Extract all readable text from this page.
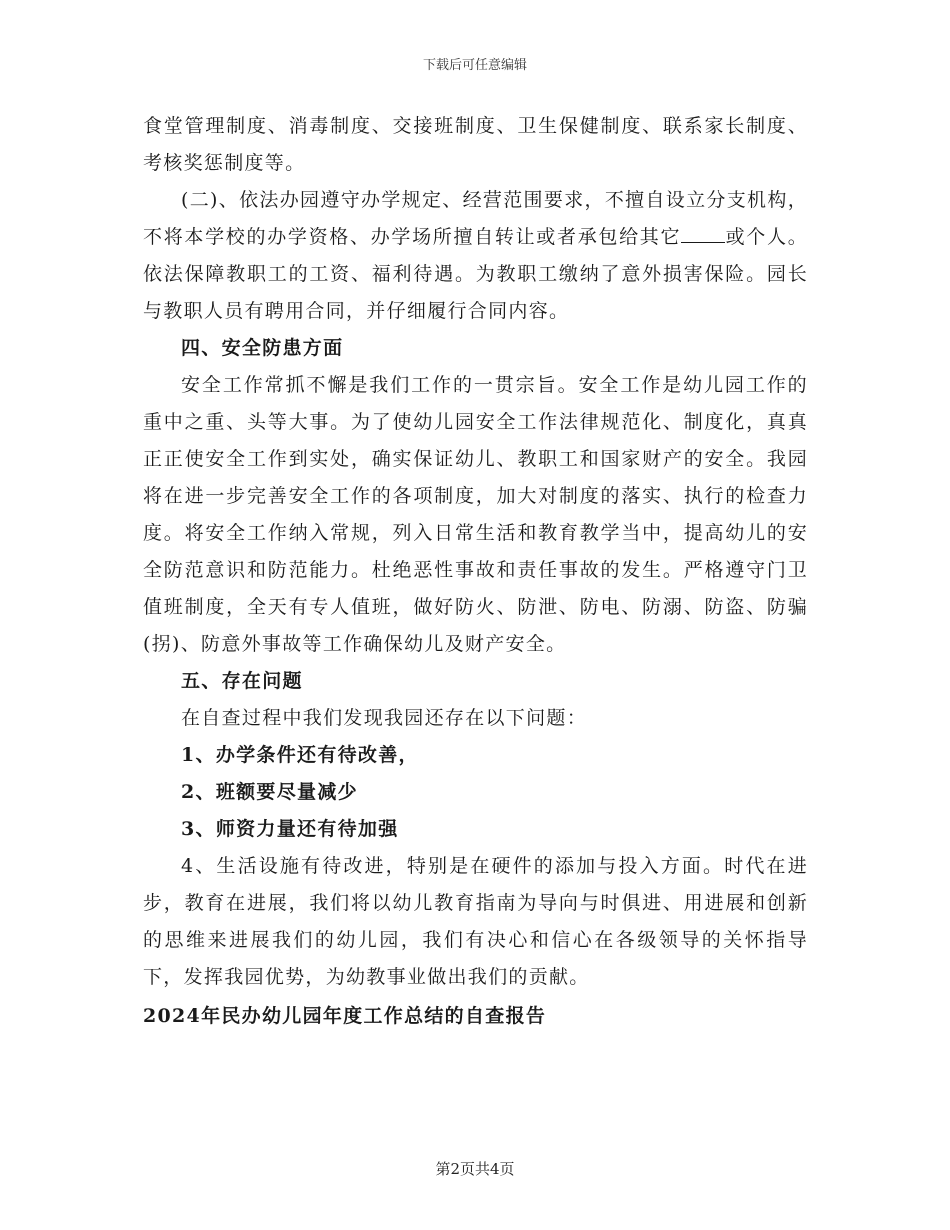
下载后可任意编辑

食堂管理制度、消毒制度、交接班制度、卫生保健制度、联系家长制度、考核奖惩制度等。

(二)、依法办园遵守办学规定、经营范围要求，不擅自设立分支机构，不将本学校的办学资格、办学场所擅自转让或者承包给其它 或个人。依法保障教职工的工资、福利待遇。为教职工缴纳了意外损害保险。园长与教职人员有聘用合同，并仔细履行合同内容。

四、安全防患方面

安全工作常抓不懈是我们工作的一贯宗旨。安全工作是幼儿园工作的重中之重、头等大事。为了使幼儿园安全工作法律规范化、制度化，真真正正使安全工作到实处，确实保证幼儿、教职工和国家财产的安全。我园将在进一步完善安全工作的各项制度，加大对制度的落实、执行的检查力度。将安全工作纳入常规，列入日常生活和教育教学当中，提高幼儿的安全防范意识和防范能力。杜绝恶性事故和责任事故的发生。严格遵守门卫值班制度，全天有专人值班，做好防火、防泄、防电、防溺、防盗、防骗(拐)、防意外事故等工作确保幼儿及财产安全。

五、存在问题

在自查过程中我们发现我园还存在以下问题：

1、办学条件还有待改善，

2、班额要尽量减少

3、师资力量还有待加强

4、生活设施有待改进，特别是在硬件的添加与投入方面。时代在进步，教育在进展，我们将以幼儿教育指南为导向与时俱进、用进展和创新的思维来进展我们的幼儿园，我们有决心和信心在各级领导的关怀指导下，发挥我园优势，为幼教事业做出我们的贡献。

2024年民办幼儿园年度工作总结的自查报告

第2页共4页
